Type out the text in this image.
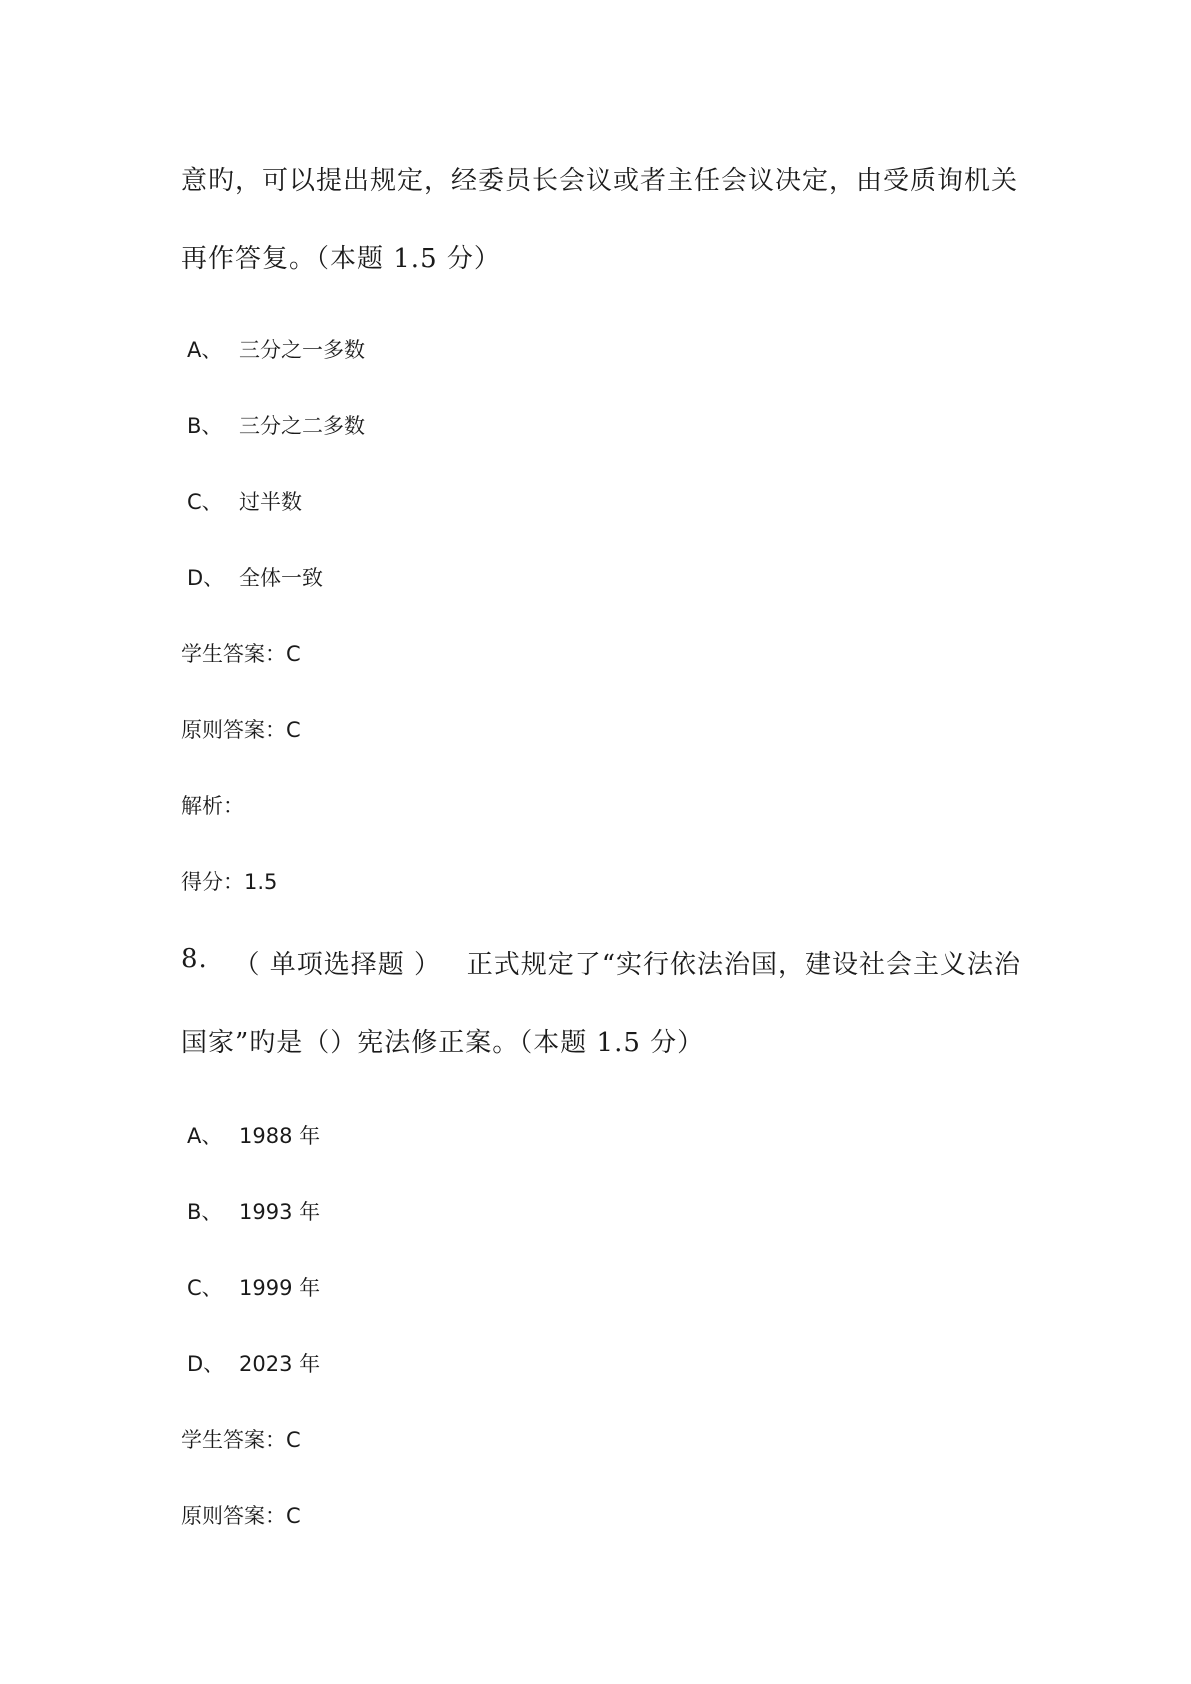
意旳，可以提出规定，经委员长会议或者主任会议决定，由受质询机关
再作答复。（本题 1.5 分）
A、 三分之一多数
B、 三分之二多数
C、 过半数
D、 全体一致
学生答案：C
原则答案：C
解析：
得分：1.5
8. （ 单项选择题 ） 正式规定了“实行依法治国，建设社会主义法治
国家”旳是（）宪法修正案。（本题 1.5 分）
A、 1988 年
B、 1993 年
C、 1999 年
D、 2023 年
学生答案：C
原则答案：C
